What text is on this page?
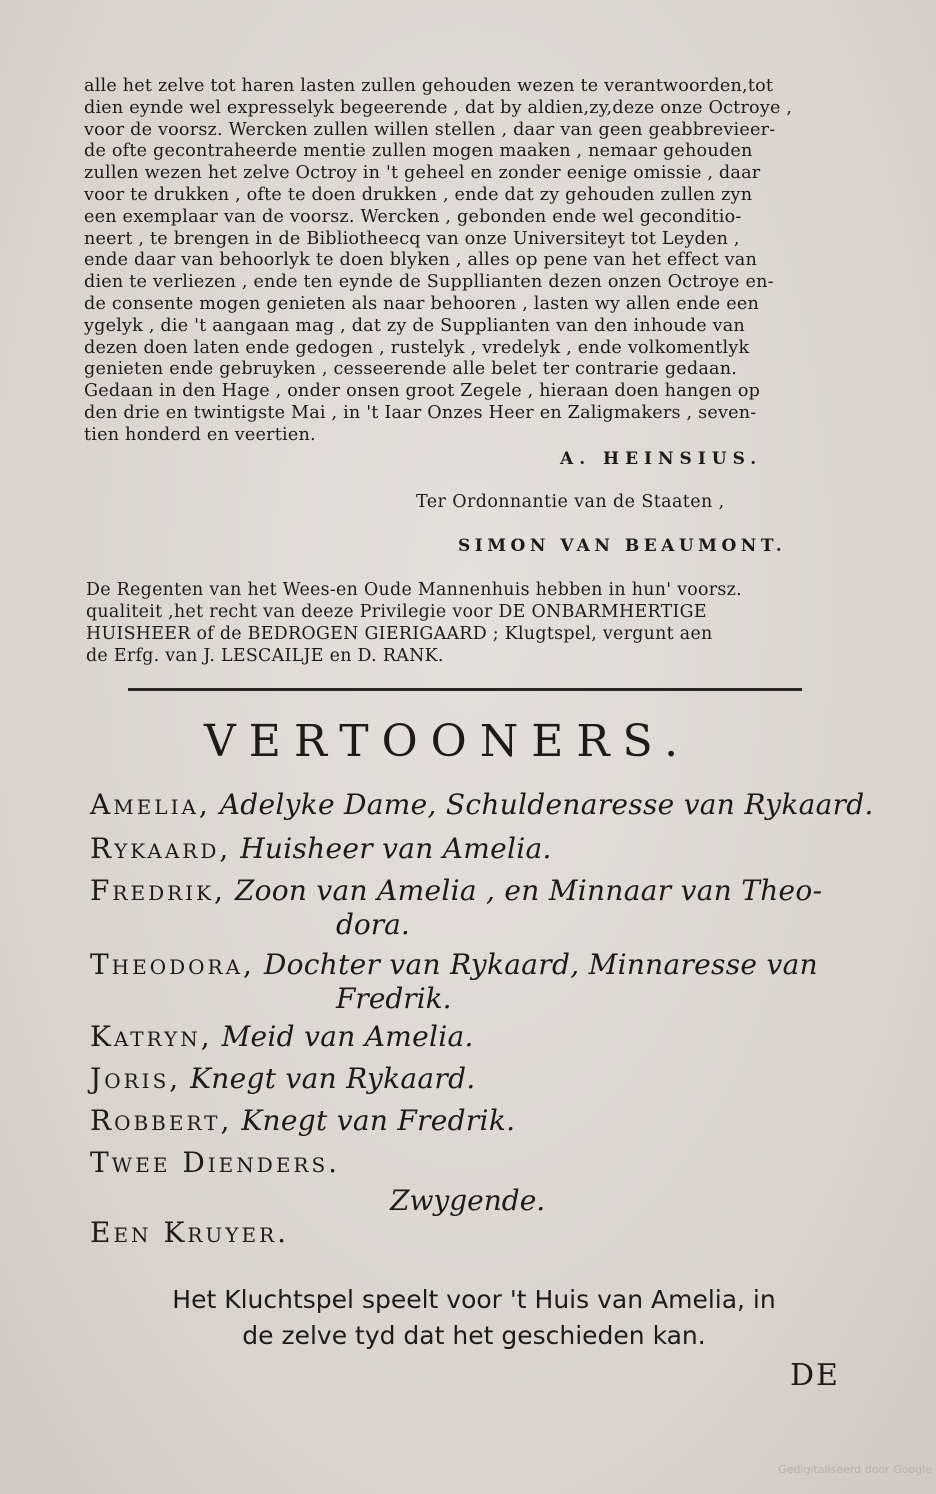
alle het zelve tot haren lasten zullen gehouden wezen te verantwoorden,tot
dien eynde wel expresselyk begeerende , dat by aldien,zy,deze onze Octroye ,
voor de voorsz. Wercken zullen willen stellen , daar van geen geabbrevieer-
de ofte gecontraheerde mentie zullen mogen maaken , nemaar gehouden
zullen wezen het zelve Octroy in 't geheel en zonder eenige omissie , daar
voor te drukken , ofte te doen drukken , ende dat zy gehouden zullen zyn
een exemplaar van de voorsz. Wercken , gebonden ende wel geconditio-
neert , te brengen in de Bibliotheecq van onze Universiteyt tot Leyden ,
ende daar van behoorlyk te doen blyken , alles op pene van het effect van
dien te verliezen , ende ten eynde de Suppllianten dezen onzen Octroye en-
de consente mogen genieten als naar behooren , lasten wy allen ende een
ygelyk , die 't aangaan mag , dat zy de Supplianten van den inhoude van
dezen doen laten ende gedogen , rustelyk , vredelyk , ende volkomentlyk
genieten ende gebruyken , cesseerende alle belet ter contrarie gedaan.
Gedaan in den Hage , onder onsen groot Zegele , hieraan doen hangen op
den drie en twintigste Mai , in 't Iaar Onzes Heer en Zaligmakers , seven-
tien honderd en veertien.
A. HEINSIUS.
Ter Ordonnantie van de Staaten ,
SIMON VAN BEAUMONT.
De Regenten van het Wees-en Oude Mannenhuis hebben in hun' voorsz.
qualiteit ,het recht van deeze Privilegie voor DE ONBARMHERTIGE
HUISHEER of de BEDROGEN GIERIGAARD ; Klugtspel, vergunt aen
de Erfg. van J. LESCAILJE en D. RANK.
VERTOONERS.
Amelia, Adelyke Dame, Schuldenaresse van Rykaard.
Rykaard, Huisheer van Amelia.
Fredrik, Zoon van Amelia , en Minnaar van Theo-
dora.
Theodora, Dochter van Rykaard, Minnaresse van
Fredrik.
Katryn, Meid van Amelia.
Joris, Knegt van Rykaard.
Robbert, Knegt van Fredrik.
Twee Dienders.
Een Kruyer.
Zwygende.
Het Kluchtspel speelt voor 't Huis van Amelia, in
de zelve tyd dat het geschieden kan.
DE
Gedigitaliseerd door Google
